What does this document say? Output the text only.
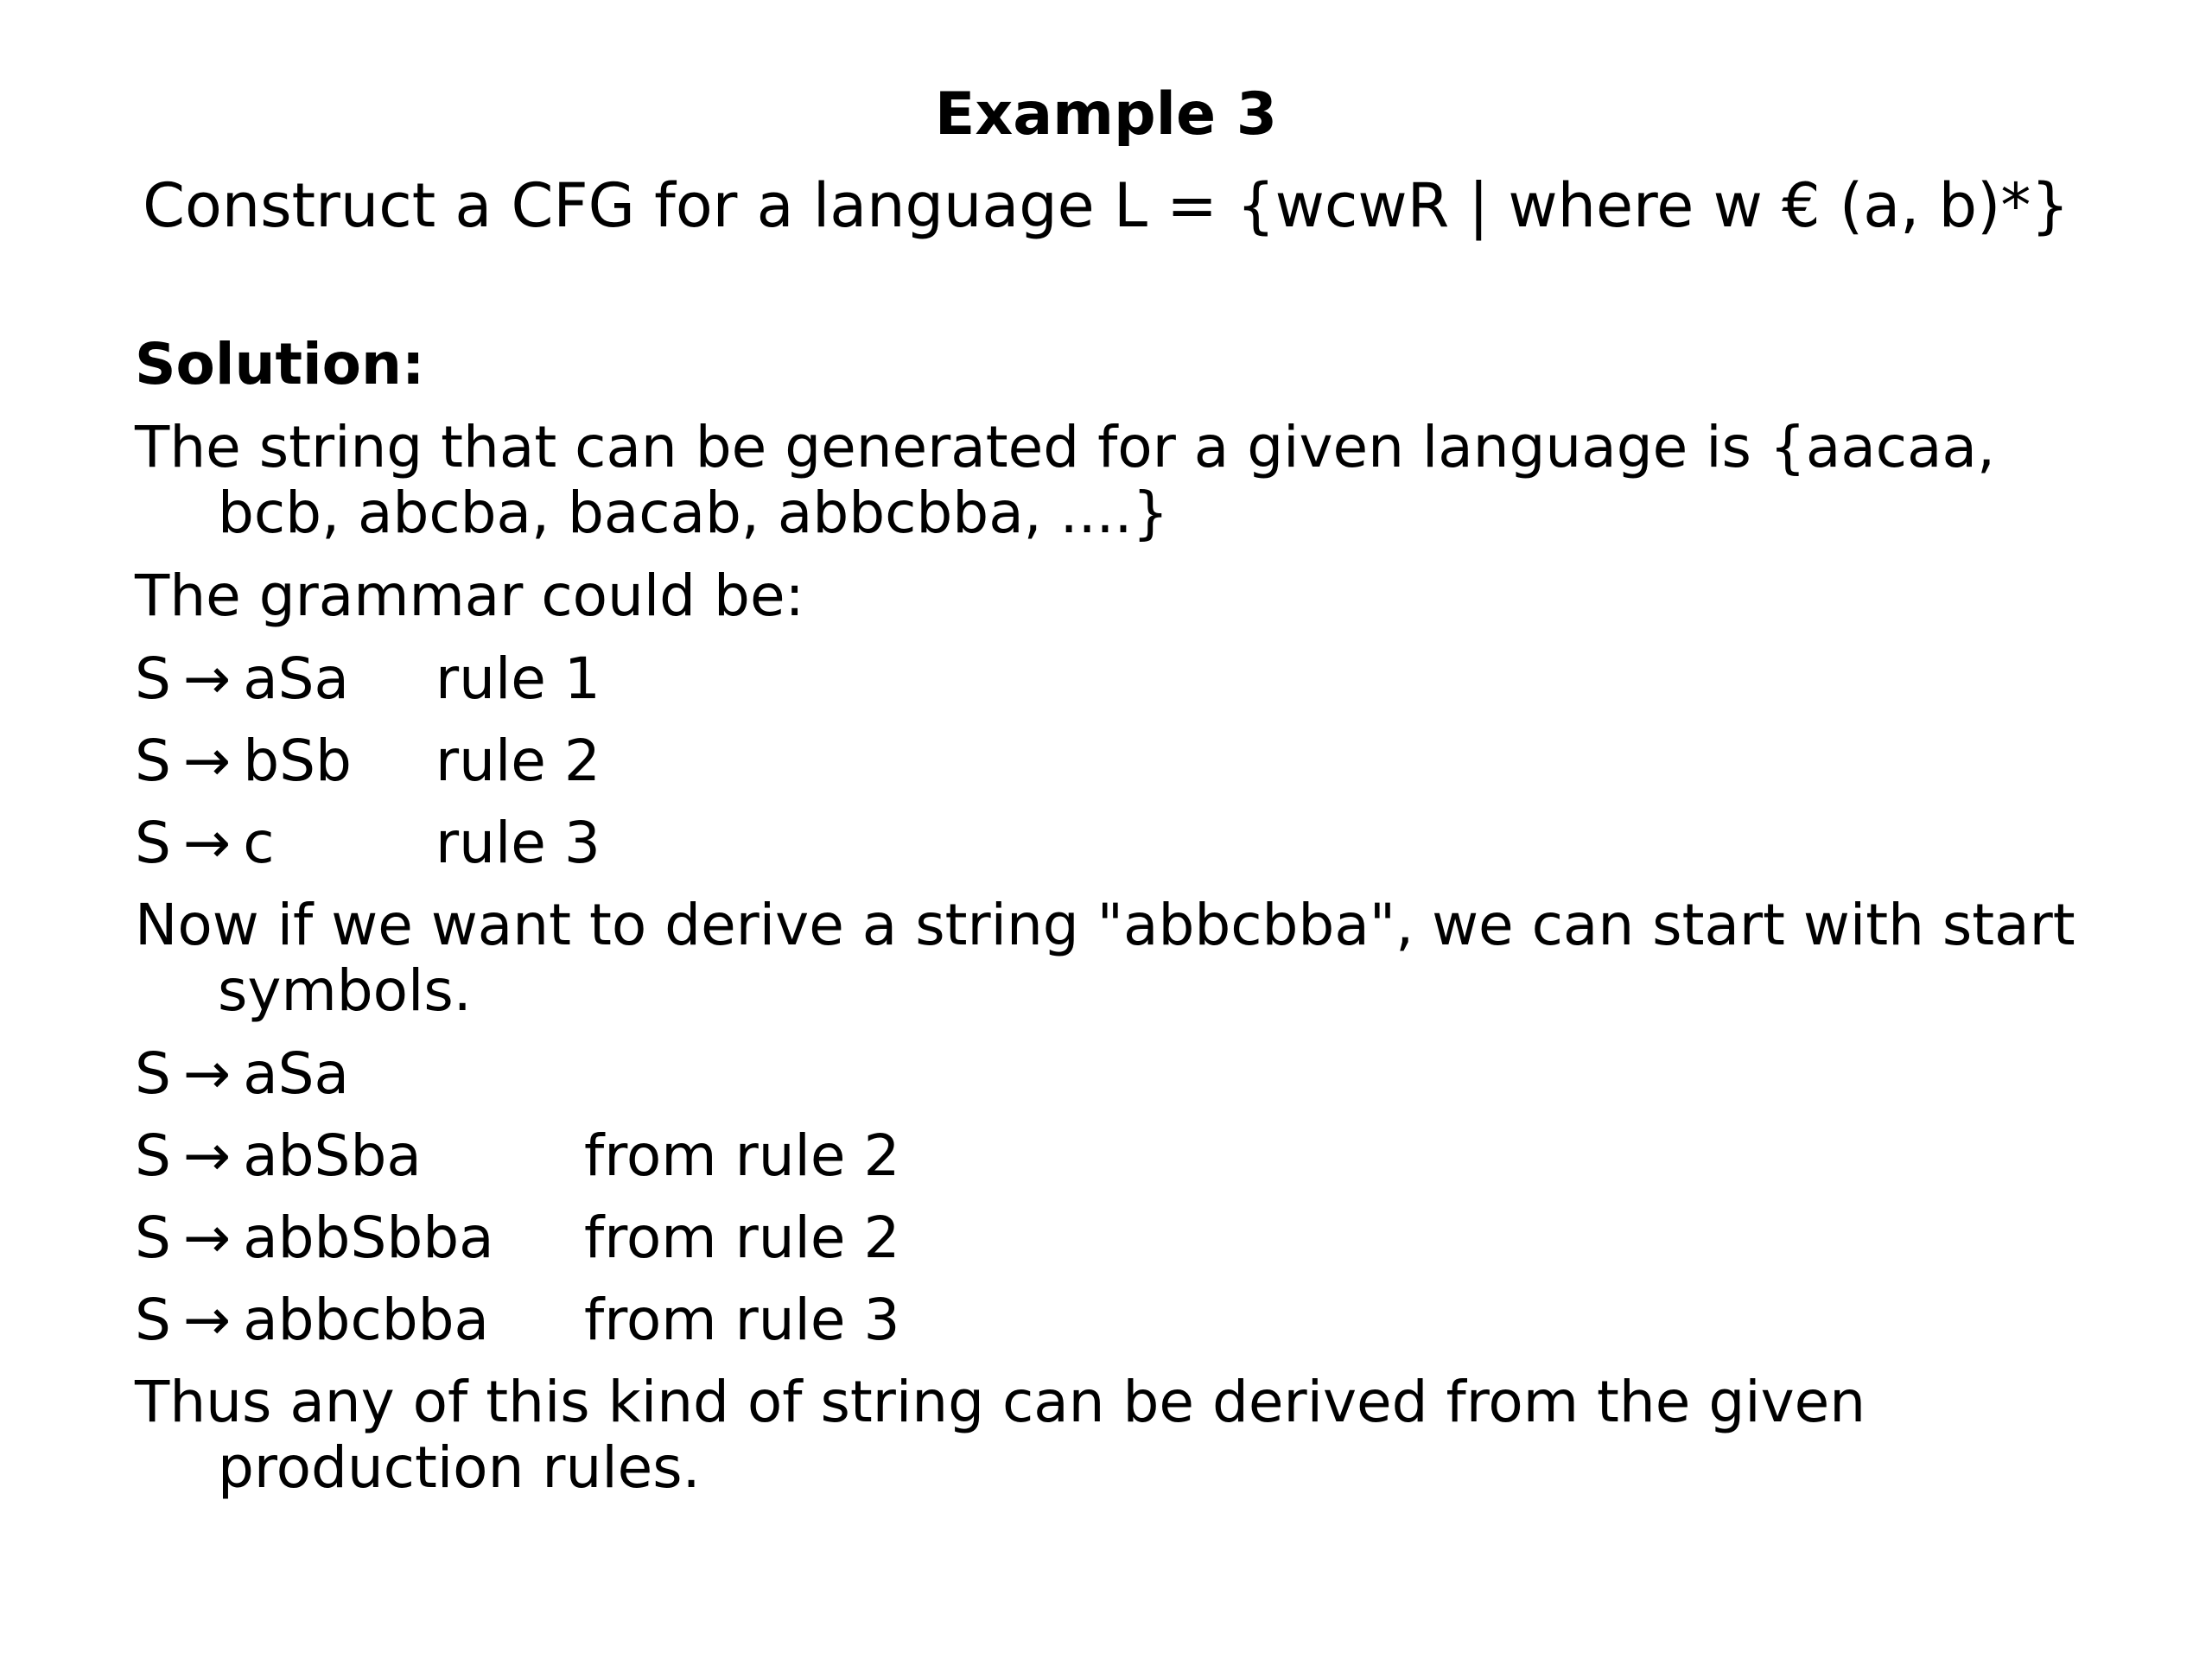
Example 3
Construct a CFG for a language L = {wcwR | where w € (a, b)*}
Solution:

The string that can be generated for a given language is {aacaa, bcb, abcba, bacab, abbcbba, ....}

The grammar could be:

S → aSa	rule 1
S → bSb	rule 2
S → c	rule 3

Now if we want to derive a string "abbcbba", we can start with start symbols.

S → aSa
S → abSba	from rule 2
S → abbSbba	from rule 2
S → abbcbba	from rule 3

Thus any of this kind of string can be derived from the given production rules.
